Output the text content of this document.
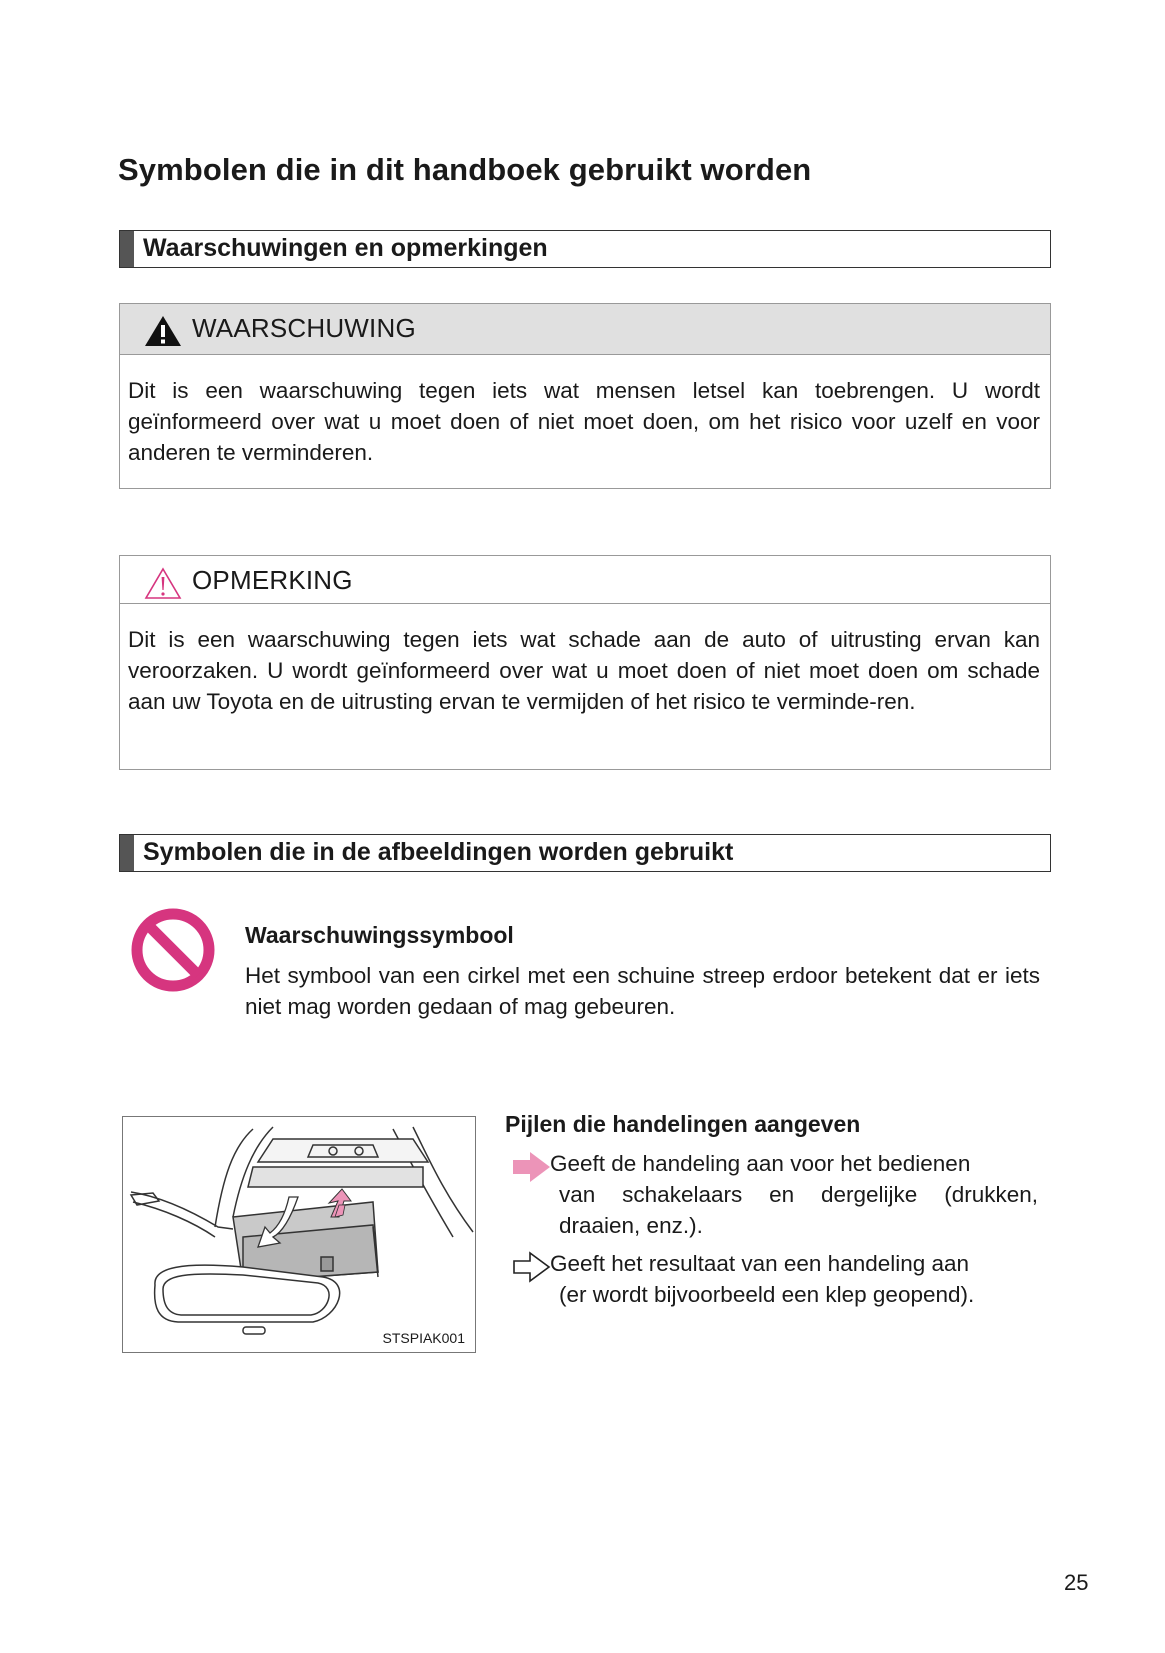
Symbolen die in dit handboek gebruikt worden
Waarschuwingen en opmerkingen
WAARSCHUWING
Dit is een waarschuwing tegen iets wat mensen letsel kan toebrengen. U wordt geïnformeerd over wat u moet doen of niet moet doen, om het risico voor uzelf en voor anderen te verminderen.
OPMERKING
Dit is een waarschuwing tegen iets wat schade aan de auto of uitrusting ervan kan veroorzaken. U wordt geïnformeerd over wat u moet doen of niet moet doen om schade aan uw Toyota en de uitrusting ervan te vermijden of het risico te verminde-ren.
Symbolen die in de afbeeldingen worden gebruikt
Waarschuwingssymbool
Het symbool van een cirkel met een schuine streep erdoor betekent dat er iets niet mag worden gedaan of mag gebeuren.
STSPIAK001
Pijlen die handelingen aangeven
Geeft de handeling aan voor het bedienen
van schakelaars en dergelijke (drukken, draaien, enz.).
Geeft het resultaat van een handeling aan
(er wordt bijvoorbeeld een klep geopend).
25
